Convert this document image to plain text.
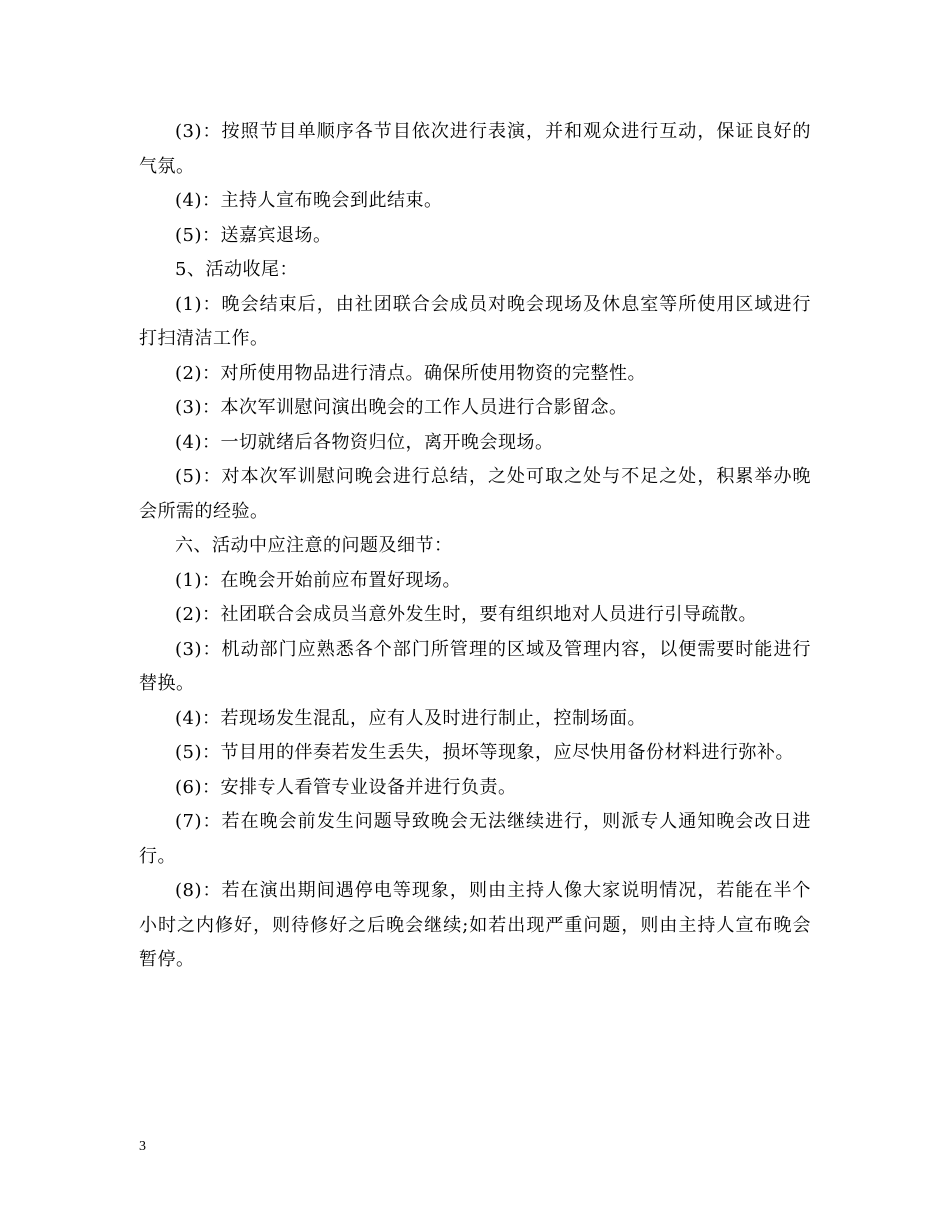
(3)：按照节目单顺序各节目依次进行表演，并和观众进行互动，保证良好的气氛。

(4)：主持人宣布晚会到此结束。

(5)：送嘉宾退场。

5、活动收尾：

(1)：晚会结束后，由社团联合会成员对晚会现场及休息室等所使用区域进行打扫清洁工作。

(2)：对所使用物品进行清点。确保所使用物资的完整性。

(3)：本次军训慰问演出晚会的工作人员进行合影留念。

(4)：一切就绪后各物资归位，离开晚会现场。

(5)：对本次军训慰问晚会进行总结，之处可取之处与不足之处，积累举办晚会所需的经验。

六、活动中应注意的问题及细节：

(1)：在晚会开始前应布置好现场。

(2)：社团联合会成员当意外发生时，要有组织地对人员进行引导疏散。

(3)：机动部门应熟悉各个部门所管理的区域及管理内容，以便需要时能进行替换。

(4)：若现场发生混乱，应有人及时进行制止，控制场面。

(5)：节目用的伴奏若发生丢失，损坏等现象，应尽快用备份材料进行弥补。

(6)：安排专人看管专业设备并进行负责。

(7)：若在晚会前发生问题导致晚会无法继续进行，则派专人通知晚会改日进行。

(8)：若在演出期间遇停电等现象，则由主持人像大家说明情况，若能在半个小时之内修好，则待修好之后晚会继续;如若出现严重问题，则由主持人宣布晚会暂停。

3
